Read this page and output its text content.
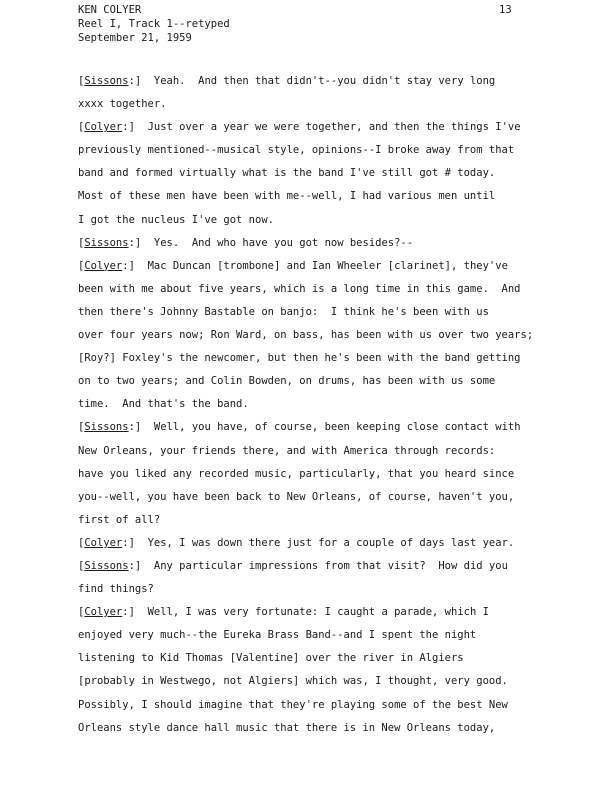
KEN COLYER
Reel I, Track 1--retyped
September 21, 1959
13
[Sissons:]  Yeah.  And then that didn't--you didn't stay very long
xxxx together.
[Colyer:]  Just over a year we were together, and then the things I've
previously mentioned--musical style, opinions--I broke away from that
band and formed virtually what is the band I've still got # today.
Most of these men have been with me--well, I had various men until
I got the nucleus I've got now.
[Sissons:]  Yes.  And who have you got now besides?--
[Colyer:]  Mac Duncan [trombone] and Ian Wheeler [clarinet], they've
been with me about five years, which is a long time in this game.  And
then there's Johnny Bastable on banjo:  I think he's been with us
over four years now; Ron Ward, on bass, has been with us over two years;
[Roy?] Foxley's the newcomer, but then he's been with the band getting
on to two years; and Colin Bowden, on drums, has been with us some
time.  And that's the band.
[Sissons:]  Well, you have, of course, been keeping close contact with
New Orleans, your friends there, and with America through records:
have you liked any recorded music, particularly, that you heard since
you--well, you have been back to New Orleans, of course, haven't you,
first of all?
[Colyer:]  Yes, I was down there just for a couple of days last year.
[Sissons:]  Any particular impressions from that visit?  How did you
find things?
[Colyer:]  Well, I was very fortunate: I caught a parade, which I
enjoyed very much--the Eureka Brass Band--and I spent the night
listening to Kid Thomas [Valentine] over the river in Algiers
[probably in Westwego, not Algiers] which was, I thought, very good.
Possibly, I should imagine that they're playing some of the best New
Orleans style dance hall music that there is in New Orleans today,
